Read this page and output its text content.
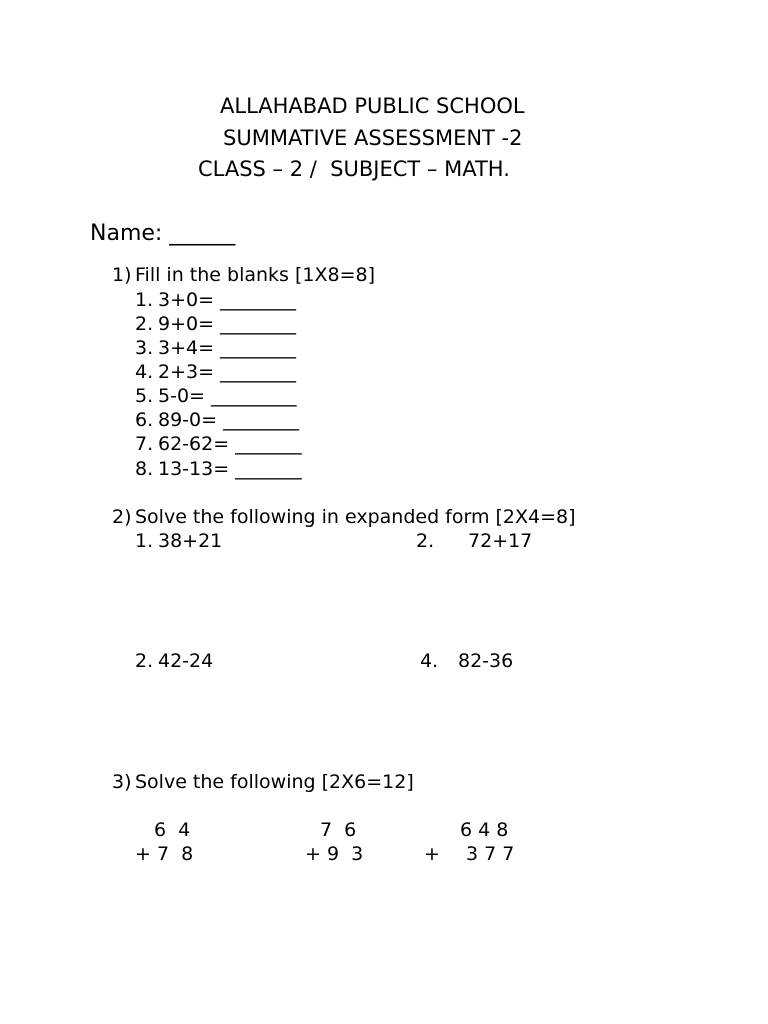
ALLAHABAD PUBLIC SCHOOL
SUMMATIVE ASSESSMENT -2
CLASS – 2 /  SUBJECT – MATH.
Name: ______
1) Fill in the blanks [1X8=8]
1. 3+0= ________
2. 9+0= ________
3. 3+4= ________
4. 2+3= ________
5. 5-0= _________
6. 89-0= ________
7. 62-62= _______
8. 13-13= _______
2) Solve the following in expanded form [2X4=8]
1. 38+21	2. 72+17
2. 42-24	4. 82-36
3) Solve the following [2X6=12]
6  4
+ 7  8
7  6
+ 9  3
6 4 8
+ 3 7 7
